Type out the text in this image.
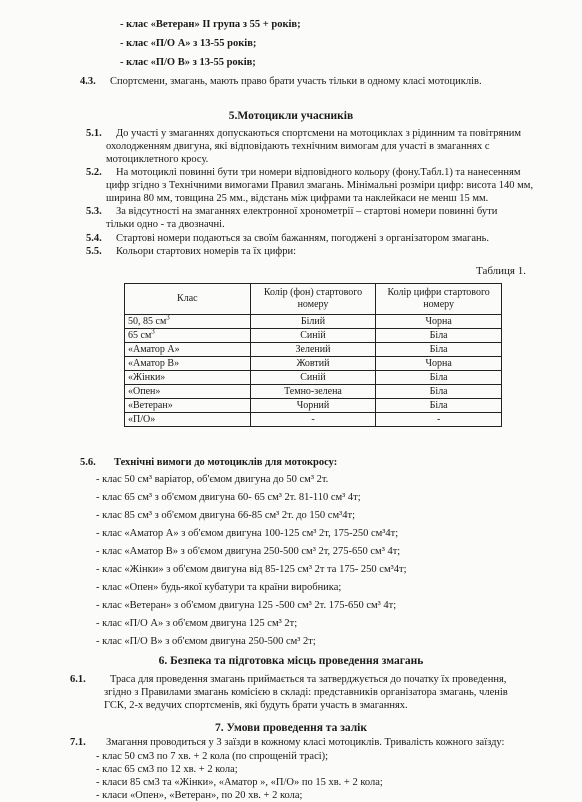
- клас «Ветеран» II група з 55 + років;
- клас «П/О А» з 13-55 років;
- клас «П/О В» з 13-55 років;
4.3. Спортсмени, змагань, мають право брати участь тільки в одному класі мотоциклів.
5.Мотоцикли учасників
5.1. До участі у змаганнях допускаються спортсмени на мотоциклах з рідинним та повітряним
охолодженням двигуна, які відповідають технічним вимогам для участі в змаганнях с
мотоциклетного кросу.
5.2. На мотоциклі повинні бути три номери відповідного кольору (фону.Табл.1) та нанесенням
цифр згідно з Технічними вимогами Правил змагань. Мінімальні розміри цифр: висота 140 мм,
ширина 80 мм, товщина 25 мм., відстань між цифрами та наклейкаси не менш 15 мм.
5.3. За відсутності на змаганнях електронної хронометрії – стартові номери повинні бути
тільки одно - та двозначні.
5.4. Стартові номери подаються за своїм бажанням, погоджені з організатором змагань.
5.5. Кольори стартових номерів та їх цифри:
Таблиця 1.
Клас	Колір (фон) стартового номеру	Колір цифри стартового номеру
50, 85 $см^3$	Білий	Чорна
65 $см^3$	Синій	Біла
«Аматор А»	Зелений	Біла
«Аматор В»	Жовтий	Чорна
«Жінки»	Синій	Біла
«Опен»	Темно-зелена	Біла
«Ветеран»	Чорний	Біла
«П/О»	-	-
5.6. Технічні вимоги до мотоциклів для мотокросу:
- клас 50 см³ варіатор, об'ємом двигуна до 50 см³ 2т.
- клас 65 см³ з об'ємом двигуна 60- 65 см³ 2т. 81-110 см³ 4т;
- клас 85 см³ з об'ємом двигуна 66-85 см³ 2т. до 150 см³4т;
- клас «Аматор А» з об'ємом двигуна 100-125 см³ 2т, 175-250 см³4т;
- клас «Аматор В» з об'ємом двигуна 250-500 см³ 2т, 275-650 см³ 4т;
- клас «Жінки» з об'ємом двигуна від 85-125 см³ 2т та 175- 250 см³4т;
- клас «Опен» будь-якої кубатури та країни виробника;
- клас «Ветеран» з об'ємом двигуна 125 -500 см³ 2т. 175-650 см³ 4т;
- клас «П/О А» з об'ємом двигуна 125 см³ 2т;
- клас «П/О В» з об'ємом двигуна 250-500 см³ 2т;
6. Безпека та підготовка місць проведення змагань
6.1. Траса для проведення змагань приймається та затверджується до початку їх проведення,
згідно з Правилами змагань комісією в складі: представників організатора змагань, членів
ГСК, 2-х ведучих спортсменів, які будуть брати участь в змаганнях.
7. Умови проведення та залік
7.1. Змагання проводиться у 3 заїзди в кожному класі мотоциклів. Тривалість кожного заїзду:
- клас 50 см3 по 7 хв. + 2 кола (по спрощеній трасі);
- клас 65 см3 по 12 хв. + 2 кола;
- класи 85 см3 та «Жінки», «Аматор », «П/О» по 15 хв. + 2 кола;
- класи «Опен», «Ветеран», по 20 хв. + 2 кола;
